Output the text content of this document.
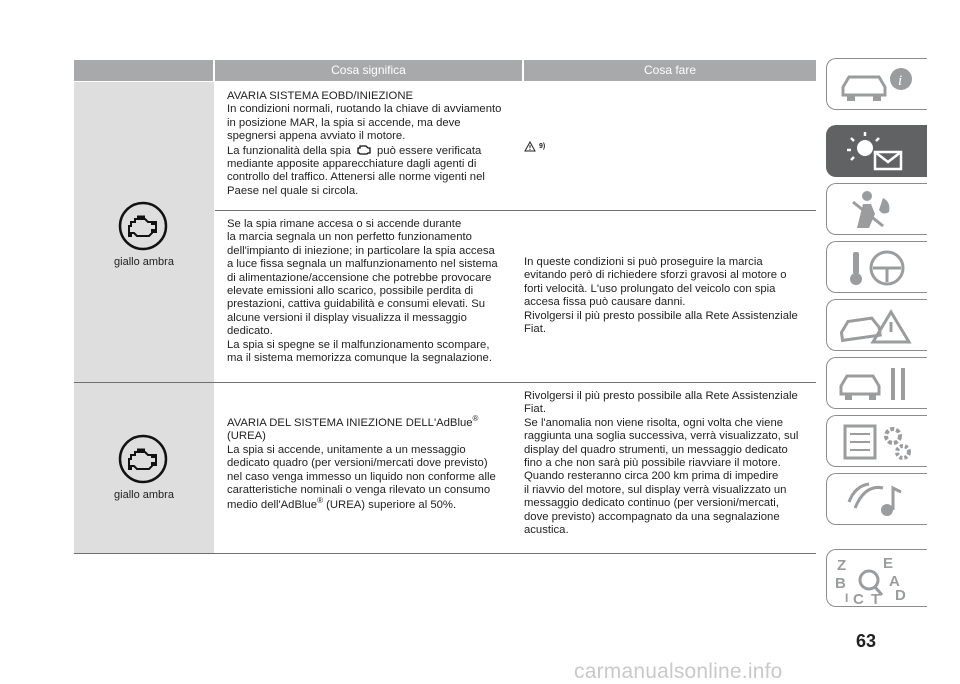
Cosa significa	Cosa fare
giallo ambra

AVARIA SISTEMA EOBD/INIEZIONE

In condizioni normali, ruotando la chiave di avviamento

in posizione MAR, la spia si accende, ma deve

spegnersi appena avviato il motore.

La funzionalità della spia può essere verificata

mediante apposite apparecchiature dagli agenti di

controllo del traffico. Attenersi alle norme vigenti nel

Paese nel quale si circola.

9)

Se la spia rimane accesa o si accende durante

la marcia segnala un non perfetto funzionamento

dell'impianto di iniezione; in particolare la spia accesa

a luce fissa segnala un malfunzionamento nel sistema

di alimentazione/accensione che potrebbe provocare

elevate emissioni allo scarico, possibile perdita di

prestazioni, cattiva guidabilità e consumi elevati. Su

alcune versioni il display visualizza il messaggio

dedicato.

La spia si spegne se il malfunzionamento scompare,

ma il sistema memorizza comunque la segnalazione.

In queste condizioni si può proseguire la marcia

evitando però di richiedere sforzi gravosi al motore o

forti velocità. L'uso prolungato del veicolo con spia

accesa fissa può causare danni.

Rivolgersi il più presto possibile alla Rete Assistenziale

Fiat.

giallo ambra

AVARIA DEL SISTEMA INIEZIONE DELL'AdBlue®

(UREA)

La spia si accende, unitamente a un messaggio

dedicato quadro (per versioni/mercati dove previsto)

nel caso venga immesso un liquido non conforme alle

caratteristiche nominali o venga rilevato un consumo

medio dell'AdBlue® (UREA) superiore al 50%.

Rivolgersi il più presto possibile alla Rete Assistenziale

Fiat.

Se l'anomalia non viene risolta, ogni volta che viene

raggiunta una soglia successiva, verrà visualizzato, sul

display del quadro strumenti, un messaggio dedicato

fino a che non sarà più possibile riavviare il motore.

Quando resteranno circa 200 km prima di impedire

il riavvio del motore, sul display verrà visualizzato un

messaggio dedicato continuo (per versioni/mercati,

dove previsto) accompagnato da una segnalazione

acustica.

i
Z E
B	A
C T D
I
63
carmanualsonline.info
